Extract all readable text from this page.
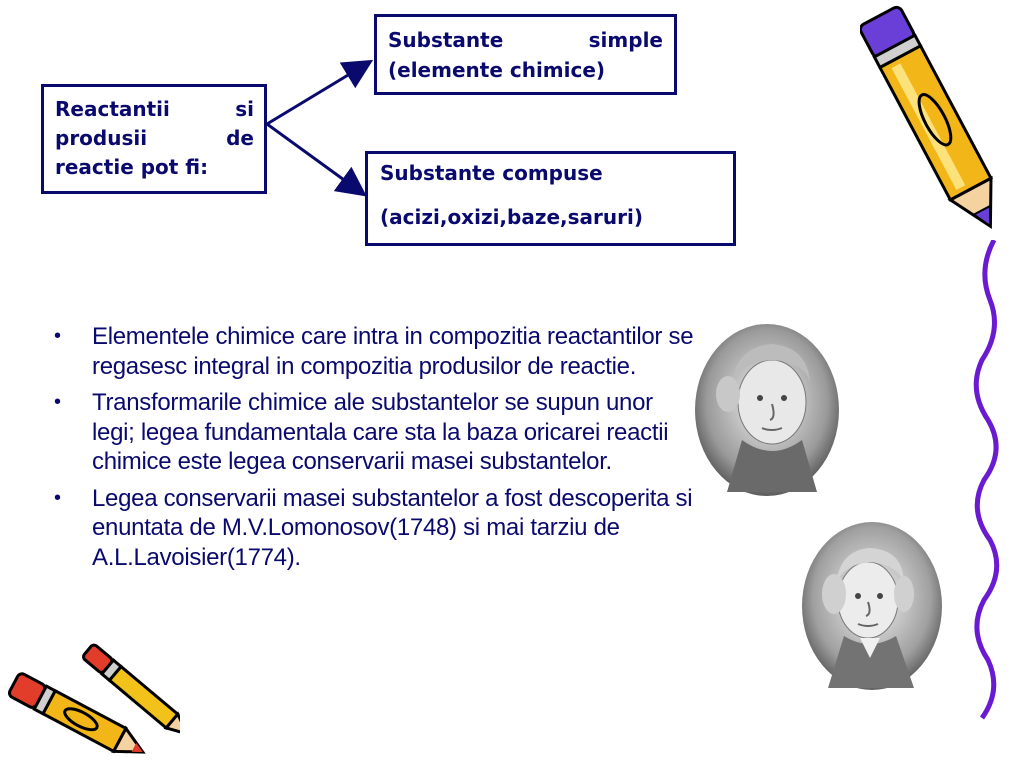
Reactantii si
produsii de
reactie pot fi:
Substante simple
(elemente chimice)

Substante compuse

(acizi,oxizi,baze,saruri)

• Elementele chimice care intra in compozitia reactantilor se regasesc integral in compozitia produsilor de reactie.
• Transformarile chimice ale substantelor se supun unor legi; legea fundamentala care sta la baza oricarei reactii chimice este legea conservarii masei substantelor.
• Legea conservarii masei substantelor a fost descoperita si enuntata de M.V.Lomonosov(1748) si mai tarziu de A.L.Lavoisier(1774).
